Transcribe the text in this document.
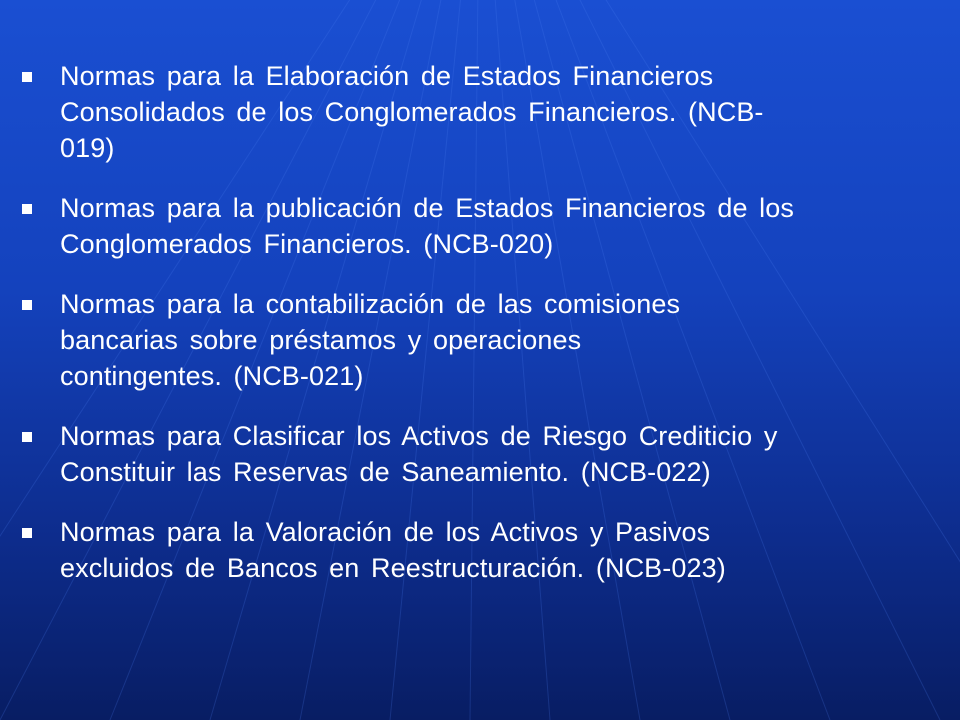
Normas para la Elaboración de Estados Financieros
Consolidados de los Conglomerados Financieros. (NCB-
019)
Normas para la publicación de Estados Financieros de los
Conglomerados Financieros. (NCB-020)
Normas para la contabilización de las comisiones
bancarias sobre préstamos y operaciones
contingentes. (NCB-021)
Normas para Clasificar los Activos de Riesgo Crediticio y
Constituir las Reservas de Saneamiento. (NCB-022)
Normas para la Valoración de los Activos y Pasivos
excluidos de Bancos en Reestructuración. (NCB-023)
